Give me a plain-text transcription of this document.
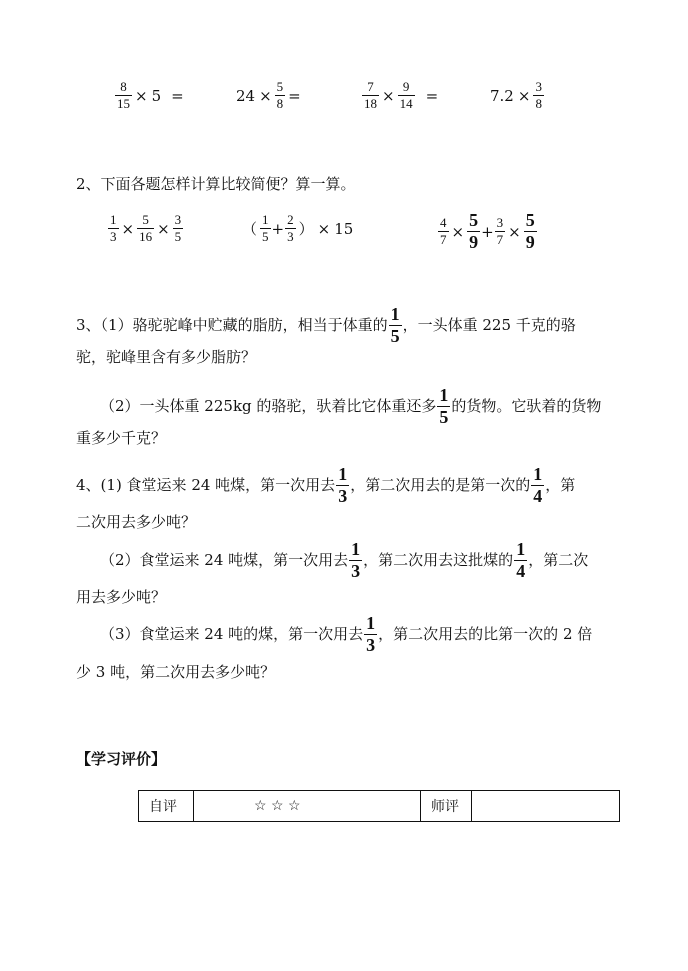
$\frac{8}{15} \times 5$ =	$24 \times \frac{5}{8}$ =	$\frac{7}{18} \times \frac{9}{14}$ =	$7.2 \times \frac{3}{8}$
2、下面各题怎样计算比较简便？算一算。
$\frac{1}{3} \times \frac{5}{16} \times \frac{3}{5}$	（ $\frac{1}{5} + \frac{2}{3}$ ） × 15	$\frac{4}{7} \times \frac{5}{9} + \frac{3}{7} \times \frac{5}{9}$
3、（1）骆驼驼峰中贮藏的脂肪，相当于体重的 $\frac{1}{5}$ ，一头体重 225 千克的骆
驼，驼峰里含有多少脂肪？
（2）一头体重 225kg 的骆驼，驮着比它体重还多 $\frac{1}{5}$ 的货物。它驮着的货物
重多少千克？
4、(1) 食堂运来 24 吨煤，第一次用去 $\frac{1}{3}$ ，第二次用去的是第一次的 $\frac{1}{4}$ ，第
二次用去多少吨？
（2）食堂运来 24 吨煤，第一次用去 $\frac{1}{3}$ ，第二次用去这批煤的 $\frac{1}{4}$ ，第二次
用去多少吨？
（3）食堂运来 24 吨的煤，第一次用去 $\frac{1}{3}$ ，第二次用去的比第一次的 2 倍
少 3 吨，第二次用去多少吨？
【学习评价】
自评	☆ ☆ ☆	师评	
